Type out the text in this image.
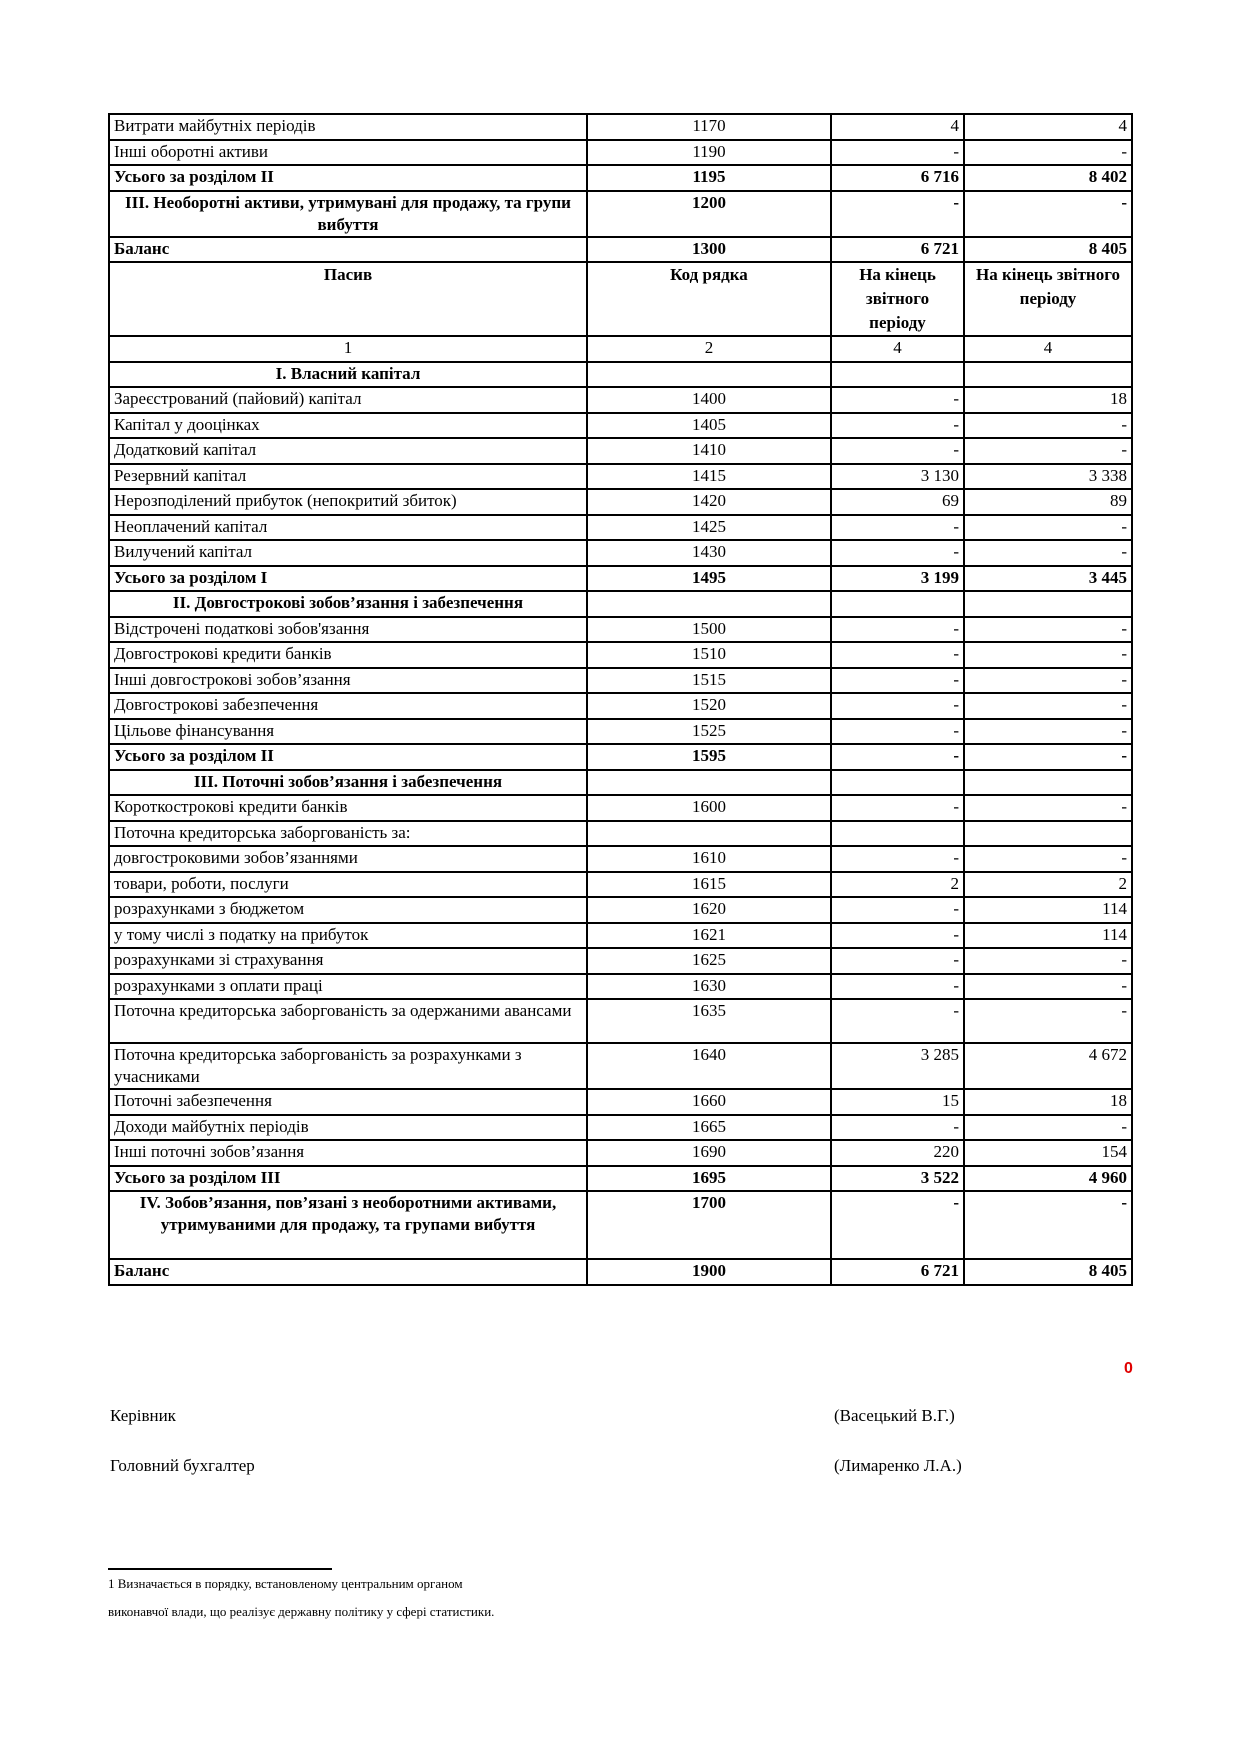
Витрати майбутніх періодів	1170	4	4
Інші оборотні активи	1190	-	-
Усього за розділом ІІ	1195	6 716	8 402
ІІІ. Необоротні активи, утримувані для продажу, та групи вибуття	1200	-	-
Баланс	1300	6 721	8 405
Пасив	Код рядка	На кінець звітного періоду	На кінець звітного періоду
1	2	4	4
І. Власний капітал			
Зареєстрований (пайовий) капітал	1400	-	18
Капітал у дооцінках	1405	-	-
Додатковий капітал	1410	-	-
Резервний капітал	1415	3 130	3 338
Нерозподілений прибуток (непокритий збиток)	1420	69	89
Неоплачений капітал	1425	-	-
Вилучений капітал	1430	-	-
Усього за розділом I	1495	3 199	3 445
II. Довгострокові зобов’язання і забезпечення			
Відстрочені податкові зобов'язання	1500	-	-
Довгострокові кредити банків	1510	-	-
Інші довгострокові зобов’язання	1515	-	-
Довгострокові забезпечення	1520	-	-
Цільове фінансування	1525	-	-
Усього за розділом II	1595	-	-
IІІ. Поточні зобов’язання і забезпечення			
Короткострокові кредити банків	1600	-	-
Поточна кредиторська заборгованість за:			
довгостроковими зобов’язаннями	1610	-	-
товари, роботи, послуги	1615	2	2
розрахунками з бюджетом	1620	-	114
у тому числі з податку на прибуток	1621	-	114
розрахунками зі страхування	1625	-	-
розрахунками з оплати праці	1630	-	-
Поточна кредиторська заборгованість за одержаними авансами	1635	-	-
Поточна кредиторська заборгованість за розрахунками з учасниками	1640	3 285	4 672
Поточні забезпечення	1660	15	18
Доходи майбутніх періодів	1665	-	-
Інші поточні зобов’язання	1690	220	154
Усього за розділом IІІ	1695	3 522	4 960
ІV. Зобов’язання, пов’язані з необоротними активами, утримуваними для продажу, та групами вибуття	1700	-	-
Баланс	1900	6 721	8 405
0
Керівник	(Васецький В.Г.)
Головний бухгалтер	(Лимаренко Л.А.)
1 Визначається в порядку, встановленому центральним органом
виконавчої влади, що реалізує державну політику у сфері статистики.
